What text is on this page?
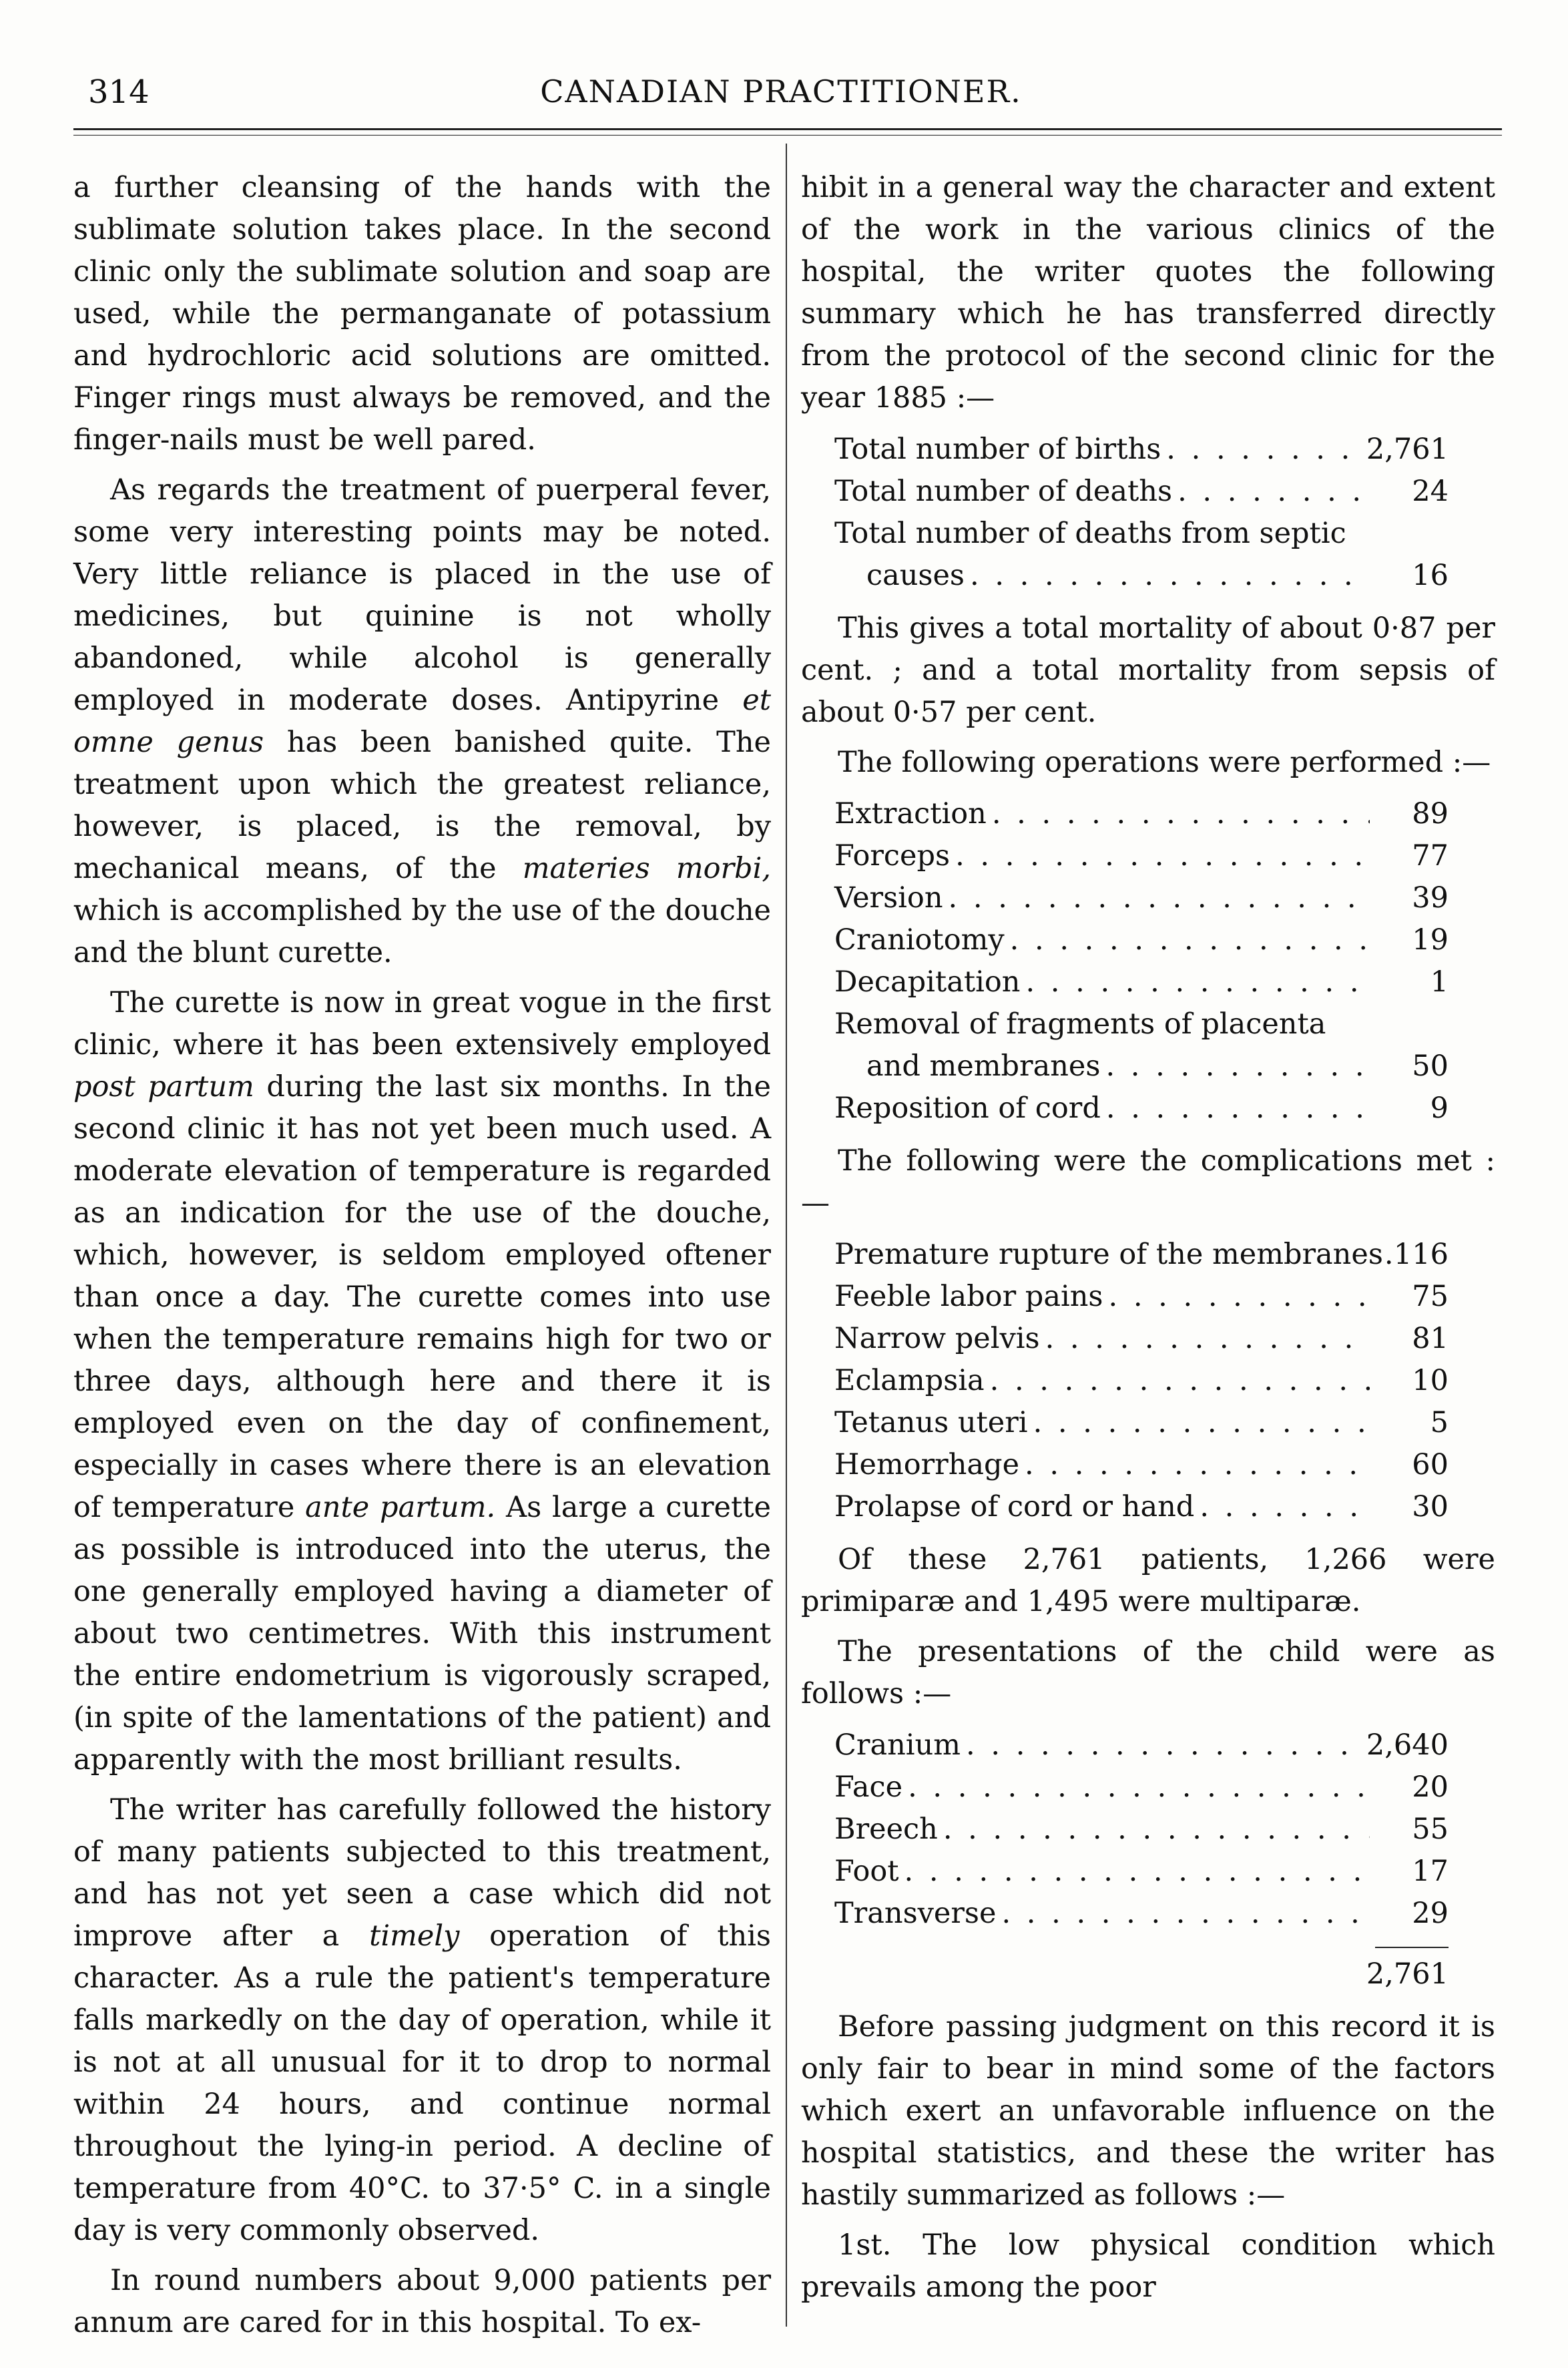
314	CANADIAN PRACTITIONER.

a further cleansing of the hands with the sublimate solution takes place. In the second clinic only the sublimate solution and soap are used, while the permanganate of potassium and hydrochloric acid solutions are omitted. Finger rings must always be removed, and the finger-nails must be well pared.

As regards the treatment of puerperal fever, some very interesting points may be noted. Very little reliance is placed in the use of medicines, but quinine is not wholly abandoned, while alcohol is generally employed in moderate doses. Antipyrine et omne genus has been banished quite. The treatment upon which the greatest reliance, however, is placed, is the removal, by mechanical means, of the materies morbi, which is accomplished by the use of the douche and the blunt curette.

The curette is now in great vogue in the first clinic, where it has been extensively employed post partum during the last six months. In the second clinic it has not yet been much used. A moderate elevation of temperature is regarded as an indication for the use of the douche, which, however, is seldom employed oftener than once a day. The curette comes into use when the temperature remains high for two or three days, although here and there it is employed even on the day of confinement, especially in cases where there is an elevation of temperature ante partum. As large a curette as possible is introduced into the uterus, the one generally employed having a diameter of about two centimetres. With this instrument the entire endometrium is vigorously scraped, (in spite of the lamentations of the patient) and apparently with the most brilliant results.

The writer has carefully followed the history of many patients subjected to this treatment, and has not yet seen a case which did not improve after a timely operation of this character. As a rule the patient's temperature falls markedly on the day of operation, while it is not at all unusual for it to drop to normal within 24 hours, and continue normal throughout the lying-in period. A decline of temperature from 40°C. to 37·5° C. in a single day is very commonly observed.

In round numbers about 9,000 patients per annum are cared for in this hospital. To ex-

hibit in a general way the character and extent of the work in the various clinics of the hospital, the writer quotes the following summary which he has transferred directly from the protocol of the second clinic for the year 1885 :—

Total number of births . . .	2,761
Total number of deaths . . .	24
Total number of deaths from septic
causes . . .	16

This gives a total mortality of about 0·87 per cent. ; and a total mortality from sepsis of about 0·57 per cent.

The following operations were performed :—

Extraction . . .	89
Forceps . . .	77
Version . . .	39
Craniotomy . . .	19
Decapitation . . .	1
Removal of fragments of placenta
and membranes . . .	50
Reposition of cord . . .	9

The following were the complications met :—

Premature rupture of the membranes . . . 116
Feeble labor pains . . .	75
Narrow pelvis . . .	81
Eclampsia . . .	10
Tetanus uteri . . .	5
Hemorrhage . . .	60
Prolapse of cord or hand . . .	30

Of these 2,761 patients, 1,266 were primiparæ and 1,495 were multiparæ.

The presentations of the child were as follows :—

Cranium . . .	2,640
Face . . .	20
Breech . . .	55
Foot . . .	17
Transverse . . .	29
2,761

Before passing judgment on this record it is only fair to bear in mind some of the factors which exert an unfavorable influence on the hospital statistics, and these the writer has hastily summarized as follows :—

1st. The low physical condition which prevails among the poor
